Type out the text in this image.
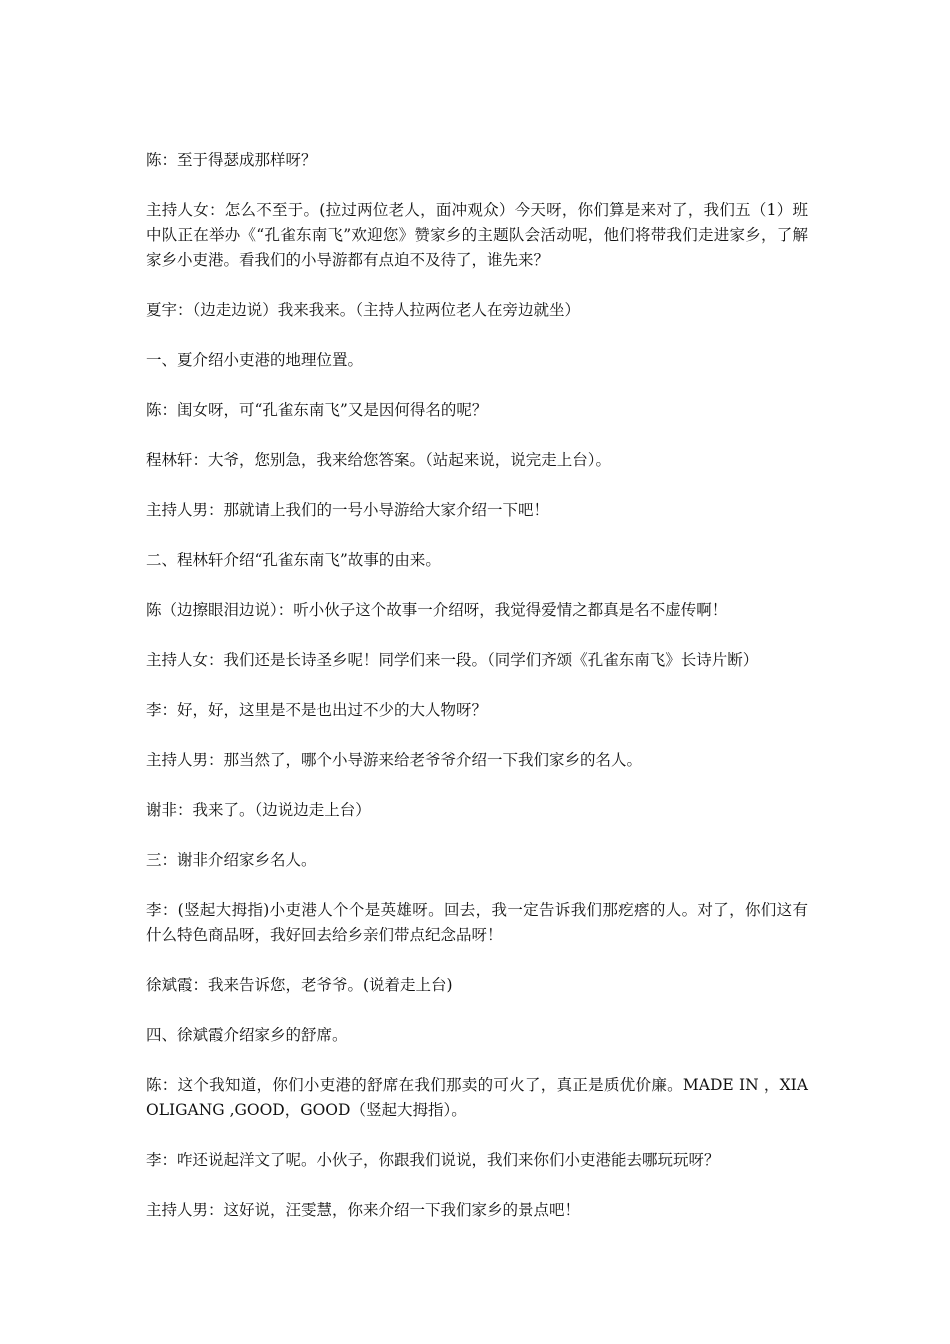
陈：至于得瑟成那样呀？

主持人女：怎么不至于。(拉过两位老人，面冲观众）今天呀，你们算是来对了，我们五（1）班中队正在举办《“孔雀东南飞”欢迎您》赞家乡的主题队会活动呢，他们将带我们走进家乡，了解家乡小吏港。看我们的小导游都有点迫不及待了，谁先来？

夏宇：（边走边说）我来我来。（主持人拉两位老人在旁边就坐）

一、夏介绍小吏港的地理位置。

陈：闺女呀，可“孔雀东南飞”又是因何得名的呢？

程林轩：大爷，您别急，我来给您答案。（站起来说，说完走上台）。

主持人男：那就请上我们的一号小导游给大家介绍一下吧！

二、程林轩介绍“孔雀东南飞”故事的由来。

陈（边擦眼泪边说）：听小伙子这个故事一介绍呀，我觉得爱情之都真是名不虚传啊！

主持人女：我们还是长诗圣乡呢！同学们来一段。（同学们齐颂《孔雀东南飞》长诗片断）

李：好，好，这里是不是也出过不少的大人物呀？

主持人男：那当然了，哪个小导游来给老爷爷介绍一下我们家乡的名人。

谢非：我来了。（边说边走上台）

三：谢非介绍家乡名人。

李：(竖起大拇指)小吏港人个个是英雄呀。回去，我一定告诉我们那疙瘩的人。对了，你们这有什么特色商品呀，我好回去给乡亲们带点纪念品呀！

徐斌霞：我来告诉您，老爷爷。(说着走上台)

四、徐斌霞介绍家乡的舒席。

陈：这个我知道，你们小吏港的舒席在我们那卖的可火了，真正是质优价廉。MADE IN ，XIAOLIGANG ,GOOD，GOOD（竖起大拇指）。

李：咋还说起洋文了呢。小伙子，你跟我们说说，我们来你们小吏港能去哪玩玩呀？

主持人男：这好说，汪雯慧，你来介绍一下我们家乡的景点吧！
